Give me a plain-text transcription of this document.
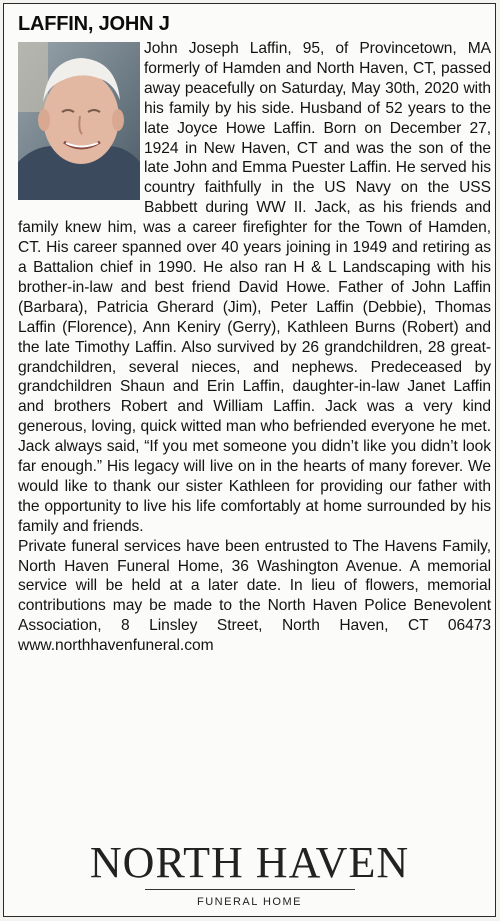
LAFFIN, JOHN J

John Joseph Laffin, 95, of Provincetown, MA formerly of Hamden and North Haven, CT, passed away peacefully on Saturday, May 30th, 2020 with his family by his side. Husband of 52 years to the late Joyce Howe Laffin. Born on December 27, 1924 in New Haven, CT and was the son of the late John and Emma Puester Laffin. He served his country faithfully in the US Navy on the USS Babbett during WW II. Jack, as his friends and family knew him, was a career firefighter for the Town of Hamden, CT. His career spanned over 40 years joining in 1949 and retiring as a Battalion chief in 1990. He also ran H & L Landscaping with his brother-in-law and best friend David Howe. Father of John Laffin (Barbara), Patricia Gherard (Jim), Peter Laffin (Debbie), Thomas Laffin (Florence), Ann Keniry (Gerry), Kathleen Burns (Robert) and the late Timothy Laffin. Also survived by 26 grandchildren, 28 great-grandchildren, several nieces, and nephews. Predeceased by grandchildren Shaun and Erin Laffin, daughter-in-law Janet Laffin and brothers Robert and William Laffin. Jack was a very kind generous, loving, quick witted man who befriended everyone he met. Jack always said, “If you met someone you didn’t like you didn’t look far enough.” His legacy will live on in the hearts of many forever. We would like to thank our sister Kathleen for providing our father with the opportunity to live his life comfortably at home surrounded by his family and friends.

Private funeral services have been entrusted to The Havens Family, North Haven Funeral Home, 36 Washington Avenue. A memorial service will be held at a later date. In lieu of flowers, memorial contributions may be made to the North Haven Police Benevolent Association, 8 Linsley Street, North Haven, CT 06473 www.northhavenfuneral.com

NORTH HAVEN
FUNERAL HOME
